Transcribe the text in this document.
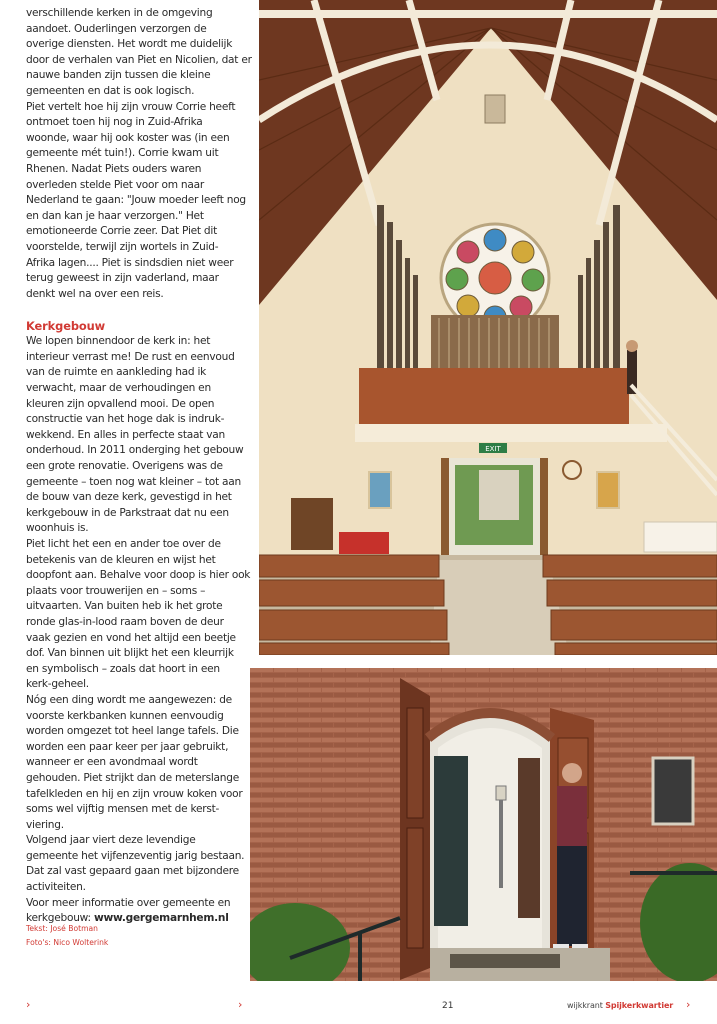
verschillende kerken in de omgeving

aandoet. Ouderlingen verzorgen de

overige diensten. Het wordt me duidelijk

door de verhalen van Piet en Nicolien, dat er

nauwe banden zijn tussen die kleine

gemeenten en dat is ook logisch.

Piet vertelt hoe hij zijn vrouw Corrie heeft

ontmoet toen hij nog in Zuid-Afrika

woonde, waar hij ook koster was (in een

gemeente mét tuin!). Corrie kwam uit

Rhenen. Nadat Piets ouders waren

overleden stelde Piet voor om naar

Nederland te gaan: "Jouw moeder leeft nog

en dan kan je haar verzorgen." Het

emotioneerde Corrie zeer. Dat Piet dit

voorstelde, terwijl zijn wortels in Zuid-

Afrika lagen.... Piet is sindsdien niet weer

terug geweest in zijn vaderland, maar

denkt wel na over een reis.

Kerkgebouw

We lopen binnendoor de kerk in: het

interieur verrast me! De rust en eenvoud

van de ruimte en aankleding had ik

verwacht, maar de verhoudingen en

kleuren zijn opvallend mooi. De open

constructie van het hoge dak is indruk-

wekkend. En alles in perfecte staat van

onderhoud. In 2011 onderging het gebouw

een grote renovatie. Overigens was de

gemeente – toen nog wat kleiner – tot aan

de bouw van deze kerk, gevestigd in het

kerkgebouw in de Parkstraat dat nu een

woonhuis is.

Piet licht het een en ander toe over de

betekenis van de kleuren en wijst het

doopfont aan. Behalve voor doop is hier ook

plaats voor trouwerijen en – soms –

uitvaarten. Van buiten heb ik het grote

ronde glas-in-lood raam boven de deur

vaak gezien en vond het altijd een beetje

dof. Van binnen uit blijkt het een kleurrijk

en symbolisch – zoals dat hoort in een

kerk-geheel.

Nóg een ding wordt me aangewezen: de

voorste kerkbanken kunnen eenvoudig

worden omgezet tot heel lange tafels. Die

worden een paar keer per jaar gebruikt,

wanneer er een avondmaal wordt

gehouden. Piet strijkt dan de meterslange

tafelkleden en hij en zijn vrouw koken voor

soms wel vijftig mensen met de kerst-

viering.

Volgend jaar viert deze levendige

gemeente het vijfenzeventig jarig bestaan.

Dat zal vast gepaard gaan met bijzondere

activiteiten.

Voor meer informatie over gemeente en

kerkgebouw: www.gergemarnhem.nl

Tekst: José Botman
Foto's: Nico Wolterink
EXIT
›	›	21	wijkkrant Spijkerkwartier ›
